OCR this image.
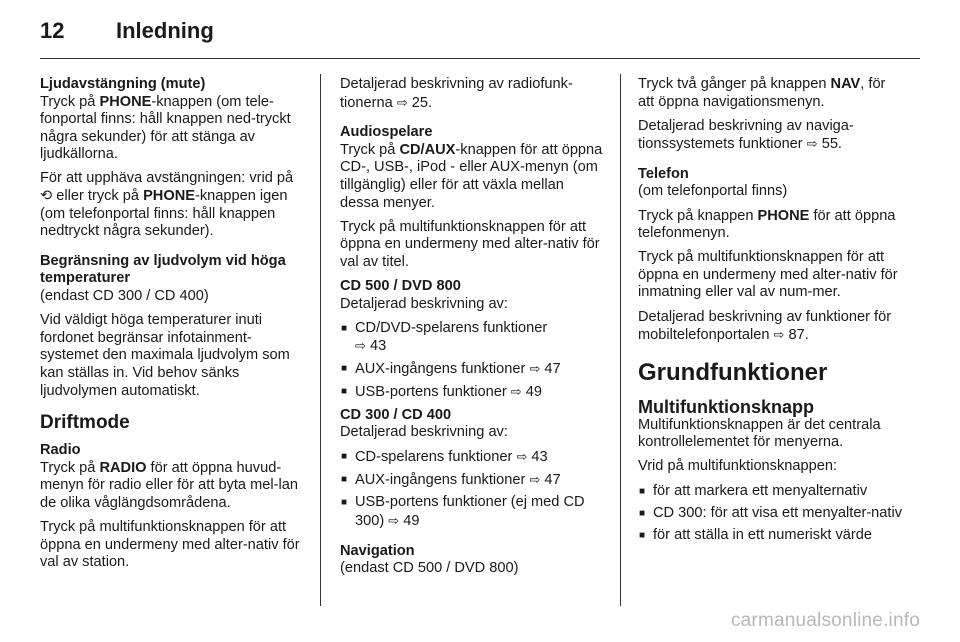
12	Inledning

Ljudavstängning (mute)

Tryck på PHONE-knappen (om tele-fonportal finns: håll knappen ned-tryckt några sekunder) för att stänga av ljudkällorna.

För att upphäva avstängningen: vrid på ⟲ eller tryck på PHONE-knappen igen (om telefonportal finns: håll knappen nedtryckt några sekunder).

Begränsning av ljudvolym vid höga temperaturer

(endast CD 300 / CD 400)

Vid väldigt höga temperaturer inuti fordonet begränsar infotainment-systemet den maximala ljudvolym som kan ställas in. Vid behov sänks ljudvolymen automatiskt.

Driftmode

Radio

Tryck på RADIO för att öppna huvud-menyn för radio eller för att byta mel-lan de olika våglängdsområdena.

Tryck på multifunktionsknappen för att öppna en undermeny med alter-nativ för val av station.

Detaljerad beskrivning av radiofunk-tionerna ⇨ 25.

Audiospelare

Tryck på CD/AUX-knappen för att öppna CD-, USB-, iPod - eller AUX-menyn (om tillgänglig) eller för att växla mellan dessa menyer.

Tryck på multifunktionsknappen för att öppna en undermeny med alter-nativ för val av titel.

CD 500 / DVD 800

Detaljerad beskrivning av:

■ CD/DVD-spelarens funktioner
⇨ 43
■ AUX-ingångens funktioner ⇨ 47
■ USB-portens funktioner ⇨ 49

CD 300 / CD 400

Detaljerad beskrivning av:

■ CD-spelarens funktioner ⇨ 43
■ AUX-ingångens funktioner ⇨ 47
■ USB-portens funktioner (ej med CD 300) ⇨ 49

Navigation

(endast CD 500 / DVD 800)

Tryck två gånger på knappen NAV, för att öppna navigationsmenyn.

Detaljerad beskrivning av naviga-tionssystemets funktioner ⇨ 55.

Telefon

(om telefonportal finns)

Tryck på knappen PHONE för att öppna telefonmenyn.

Tryck på multifunktionsknappen för att öppna en undermeny med alter-nativ för inmatning eller val av num-mer.

Detaljerad beskrivning av funktioner för mobiltelefonportalen ⇨ 87.

Grundfunktioner

Multifunktionsknapp

Multifunktionsknappen är det centrala kontrollelementet för menyerna.

Vrid på multifunktionsknappen:

■ för att markera ett menyalternativ
■ CD 300: för att visa ett menyalter-nativ
■ för att ställa in ett numeriskt värde
carmanualsonline.info
